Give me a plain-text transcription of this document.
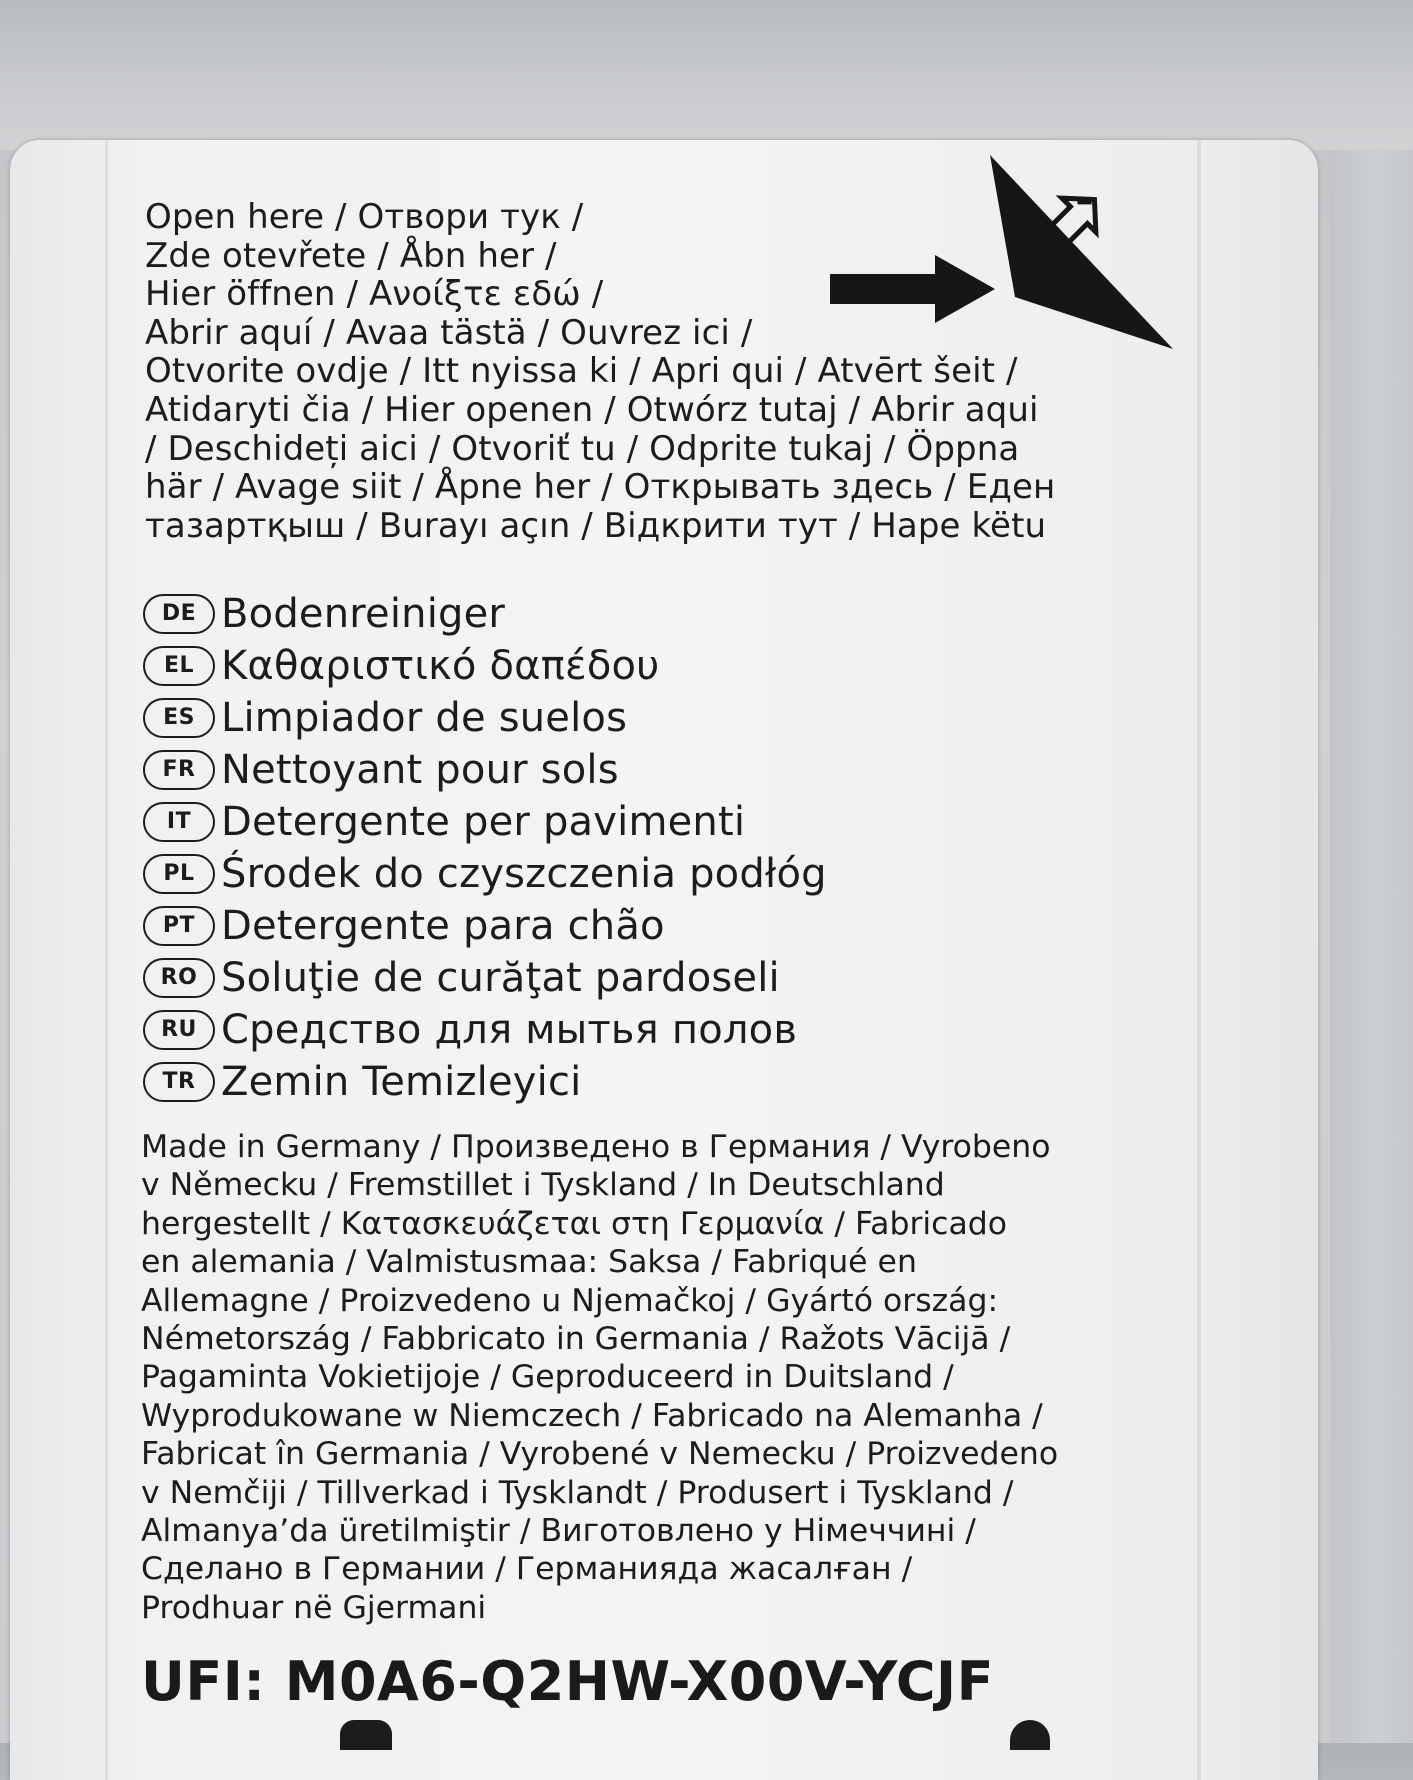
Open here / Отвори тук /
Zde otevřete / Åbn her /
Hier öffnen / Ανοίξτε εδώ /
Abrir aquí / Avaa tästä / Ouvrez ici /
Otvorite ovdje / Itt nyissa ki / Apri qui / Atvērt šeit /
Atidaryti čia / Hier openen / Otwórz tutaj / Abrir aqui
/ Deschideți aici / Otvoriť tu / Odprite tukaj / Öppna
här / Avage siit / Åpne her / Открывать здесь / Еден
тазартқыш / Burayı açın / Відкрити тут / Hape këtu
DE Bodenreiniger
EL Καθαριστικό δαπέδου
ES Limpiador de suelos
FR Nettoyant pour sols
IT Detergente per pavimenti
PL Środek do czyszczenia podłóg
PT Detergente para chão
RO Soluţie de curăţat pardoseli
RU Средство для мытья полов
TR Zemin Temizleyici
Made in Germany / Произведено в Германия / Vyrobeno
v Německu / Fremstillet i Tyskland / In Deutschland
hergestellt / Κατασκευάζεται στη Γερμανία / Fabricado
en alemania / Valmistusmaa: Saksa / Fabriqué en
Allemagne / Proizvedeno u Njemačkoj / Gyártó ország:
Németország / Fabbricato in Germania / Ražots Vācijā /
Pagaminta Vokietijoje / Geproduceerd in Duitsland /
Wyprodukowane w Niemczech / Fabricado na Alemanha /
Fabricat în Germania / Vyrobené v Nemecku / Proizvedeno
v Nemčiji / Tillverkad i Tysklandt / Produsert i Tyskland /
Almanya’da üretilmiştir / Виготовлено у Німеччині /
Сделано в Германии / Германияда жасалған /
Prodhuar në Gjermani
UFI: M0A6-Q2HW-X00V-YCJF
